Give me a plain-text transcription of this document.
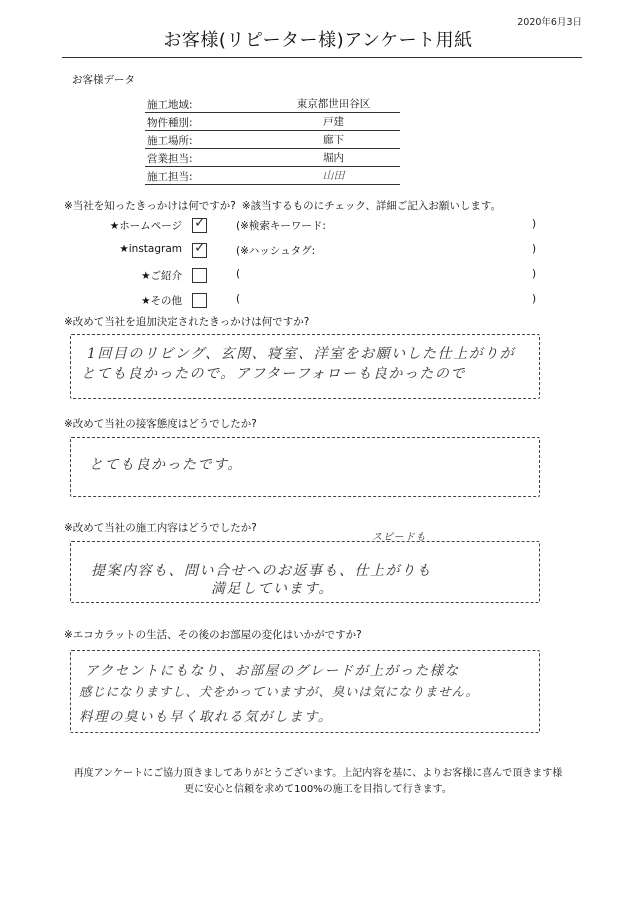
2020年6月3日
お客様(リピーター様)アンケート用紙
お客様データ
施工地域:	東京都世田谷区
物件種別:	戸建
施工場所:	廊下
営業担当:	堀内
施工担当:	山田
※当社を知ったきっかけは何ですか? ※該当するものにチェック、詳細ご記入お願いします。
★ホームページ ✓	(※検索キーワード:	)
★instagram ✓	(※ハッシュタグ:	)
★ご紹介	(	)
★その他	(	)
※改めて当社を追加決定されたきっかけは何ですか?
1回目のリビング、玄関、寝室、洋室をお願いした仕上がりが
とても良かったので。アフターフォローも良かったので
※改めて当社の接客態度はどうでしたか?
とても良かったです。
※改めて当社の施工内容はどうでしたか?
提案内容も、問い合せへのお返事も、仕上がりも
満足しています。
スピードも
※エコカラットの生活、その後のお部屋の変化はいかがですか?
アクセントにもなり、お部屋のグレードが上がった様な
感じになりますし、犬をかっていますが、臭いは気になりません。
料理の臭いも早く取れる気がします。
再度アンケートにご協力頂きましてありがとうございます。上記内容を基に、よりお客様に喜んで頂きます様
更に安心と信頼を求めて100%の施工を目指して行きます。
